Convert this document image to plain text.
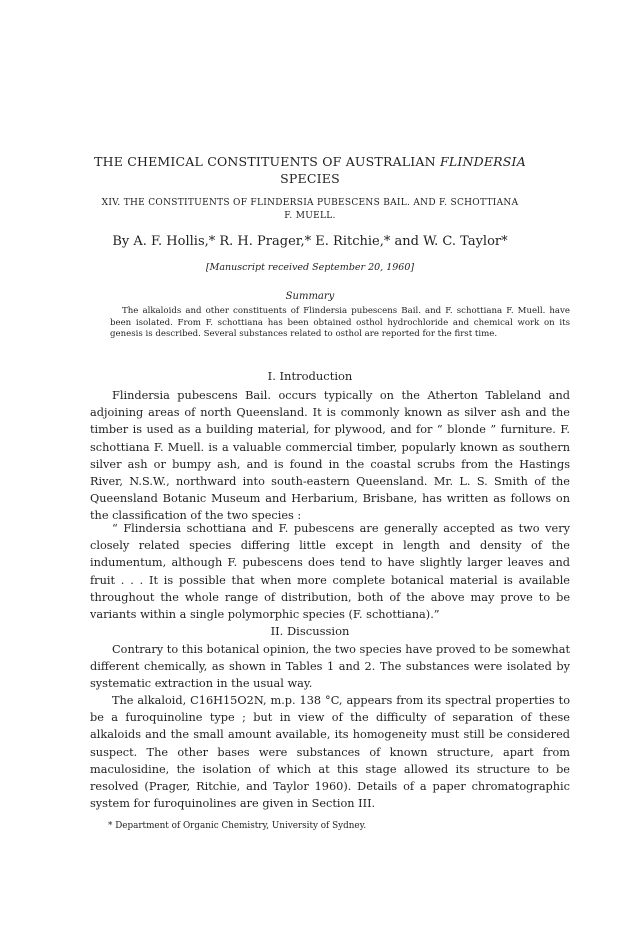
THE CHEMICAL CONSTITUENTS OF AUSTRALIAN FLINDERSIA
SPECIES
XIV. THE CONSTITUENTS OF FLINDERSIA PUBESCENS BAIL. AND F. SCHOTTIANA
F. MUELL.
By A. F. Hollis,* R. H. Prager,* E. Ritchie,* and W. C. Taylor*
[Manuscript received September 20, 1960]
Summary

The alkaloids and other constituents of Flindersia pubescens Bail. and F. schottiana F. Muell. have been isolated. From F. schottiana has been obtained osthol hydrochloride and chemical work on its genesis is described. Several substances related to osthol are reported for the first time.

I. Introduction

Flindersia pubescens Bail. occurs typically on the Atherton Tableland and adjoining areas of north Queensland. It is commonly known as silver ash and the timber is used as a building material, for plywood, and for “ blonde ” furniture. F. schottiana F. Muell. is a valuable commercial timber, popularly known as southern silver ash or bumpy ash, and is found in the coastal scrubs from the Hastings River, N.S.W., northward into south-eastern Queensland. Mr. L. S. Smith of the Queensland Botanic Museum and Herbarium, Brisbane, has written as follows on the classification of the two species :

“ Flindersia schottiana and F. pubescens are generally accepted as two very closely related species differing little except in length and density of the indumentum, although F. pubescens does tend to have slightly larger leaves and fruit . . . It is possible that when more complete botanical material is available throughout the whole range of distribution, both of the above may prove to be variants within a single polymorphic species (F. schottiana).”

II. Discussion

Contrary to this botanical opinion, the two species have proved to be somewhat different chemically, as shown in Tables 1 and 2. The substances were isolated by systematic extraction in the usual way.

The alkaloid, C16H15O2N, m.p. 138 °C, appears from its spectral properties to be a furoquinoline type ; but in view of the difficulty of separation of these alkaloids and the small amount available, its homogeneity must still be considered suspect. The other bases were substances of known structure, apart from maculosidine, the isolation of which at this stage allowed its structure to be resolved (Prager, Ritchie, and Taylor 1960). Details of a paper chromatographic system for furoquinolines are given in Section III.

* Department of Organic Chemistry, University of Sydney.
